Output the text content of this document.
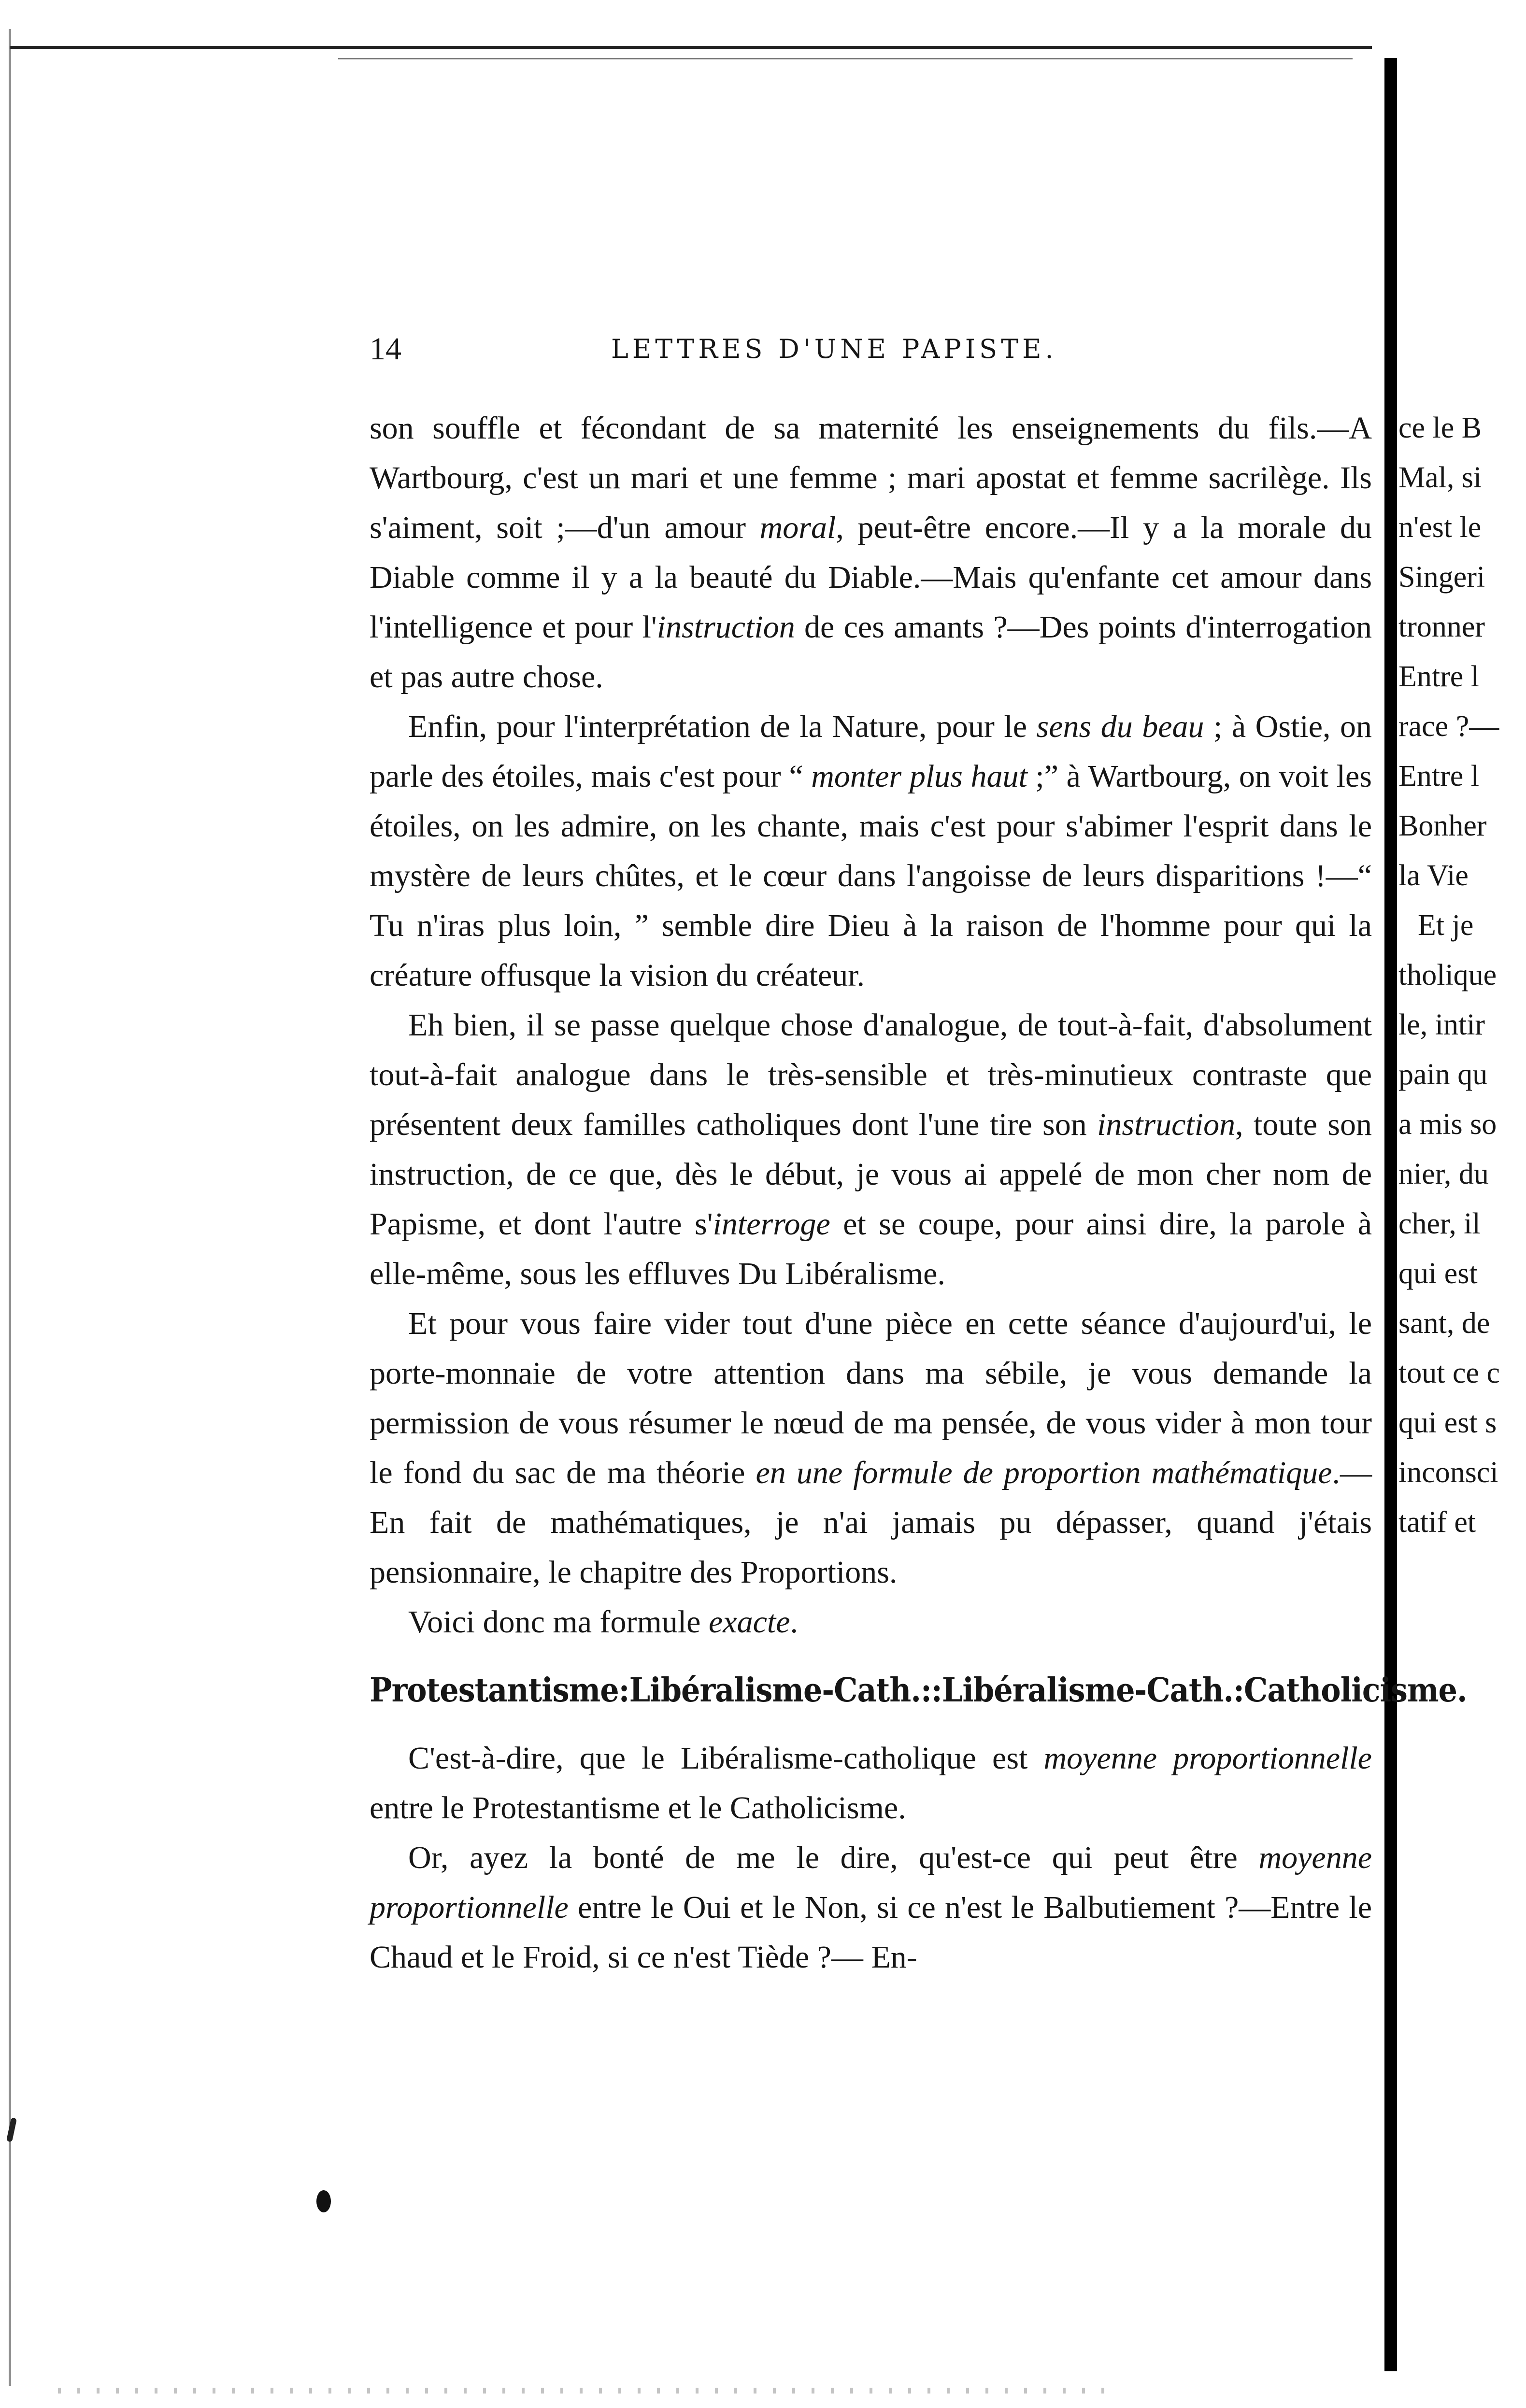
14	LETTRES D'UNE PAPISTE.

son souffle et fécondant de sa maternité les enseignements du fils.—A Wartbourg, c'est un mari et une femme ; mari apostat et femme sacrilège. Ils s'aiment, soit ;—d'un amour moral, peut-être encore.—Il y a la morale du Diable comme il y a la beauté du Diable.—Mais qu'enfante cet amour dans l'intelligence et pour l'instruction de ces amants ?—Des points d'interrogation et pas autre chose.

Enfin, pour l'interprétation de la Nature, pour le sens du beau ; à Ostie, on parle des étoiles, mais c'est pour “ monter plus haut ;” à Wartbourg, on voit les étoiles, on les admire, on les chante, mais c'est pour s'abimer l'esprit dans le mystère de leurs chûtes, et le cœur dans l'angoisse de leurs disparitions !—“ Tu n'iras plus loin, ” semble dire Dieu à la raison de l'homme pour qui la créature offusque la vision du créateur.

Eh bien, il se passe quelque chose d'analogue, de tout-à-fait, d'absolument tout-à-fait analogue dans le très-sensible et très-minutieux contraste que présentent deux familles catholiques dont l'une tire son instruction, toute son instruction, de ce que, dès le début, je vous ai appelé de mon cher nom de Papisme, et dont l'autre s'interroge et se coupe, pour ainsi dire, la parole à elle-même, sous les effluves Du Libéralisme.

Et pour vous faire vider tout d'une pièce en cette séance d'aujourd'ui, le porte-monnaie de votre attention dans ma sébile, je vous demande la permission de vous résumer le nœud de ma pensée, de vous vider à mon tour le fond du sac de ma théorie en une formule de proportion mathématique.—En fait de mathématiques, je n'ai jamais pu dépasser, quand j'étais pensionnaire, le chapitre des Proportions.

Voici donc ma formule exacte.

Protestantisme : Libéralisme-Cath. :: Libéralisme-Cath. : Catholicisme.

C'est-à-dire, que le Libéralisme-catholique est moyenne proportionnelle entre le Protestantisme et le Catholicisme.

Or, ayez la bonté de me le dire, qu'est-ce qui peut être moyenne proportionnelle entre le Oui et le Non, si ce n'est le Balbutiement ?—Entre le Chaud et le Froid, si ce n'est Tiède ?— En-

ce le B
Mal, si
n'est le
Singeri
tronner
Entre l
race ?—
Entre l
Bonher
la Vie
Et je
tholique
le, intir
pain qu
a mis so
nier, du
cher, il
qui est
sant, de
tout ce c
qui est s
inconsci
tatif et
